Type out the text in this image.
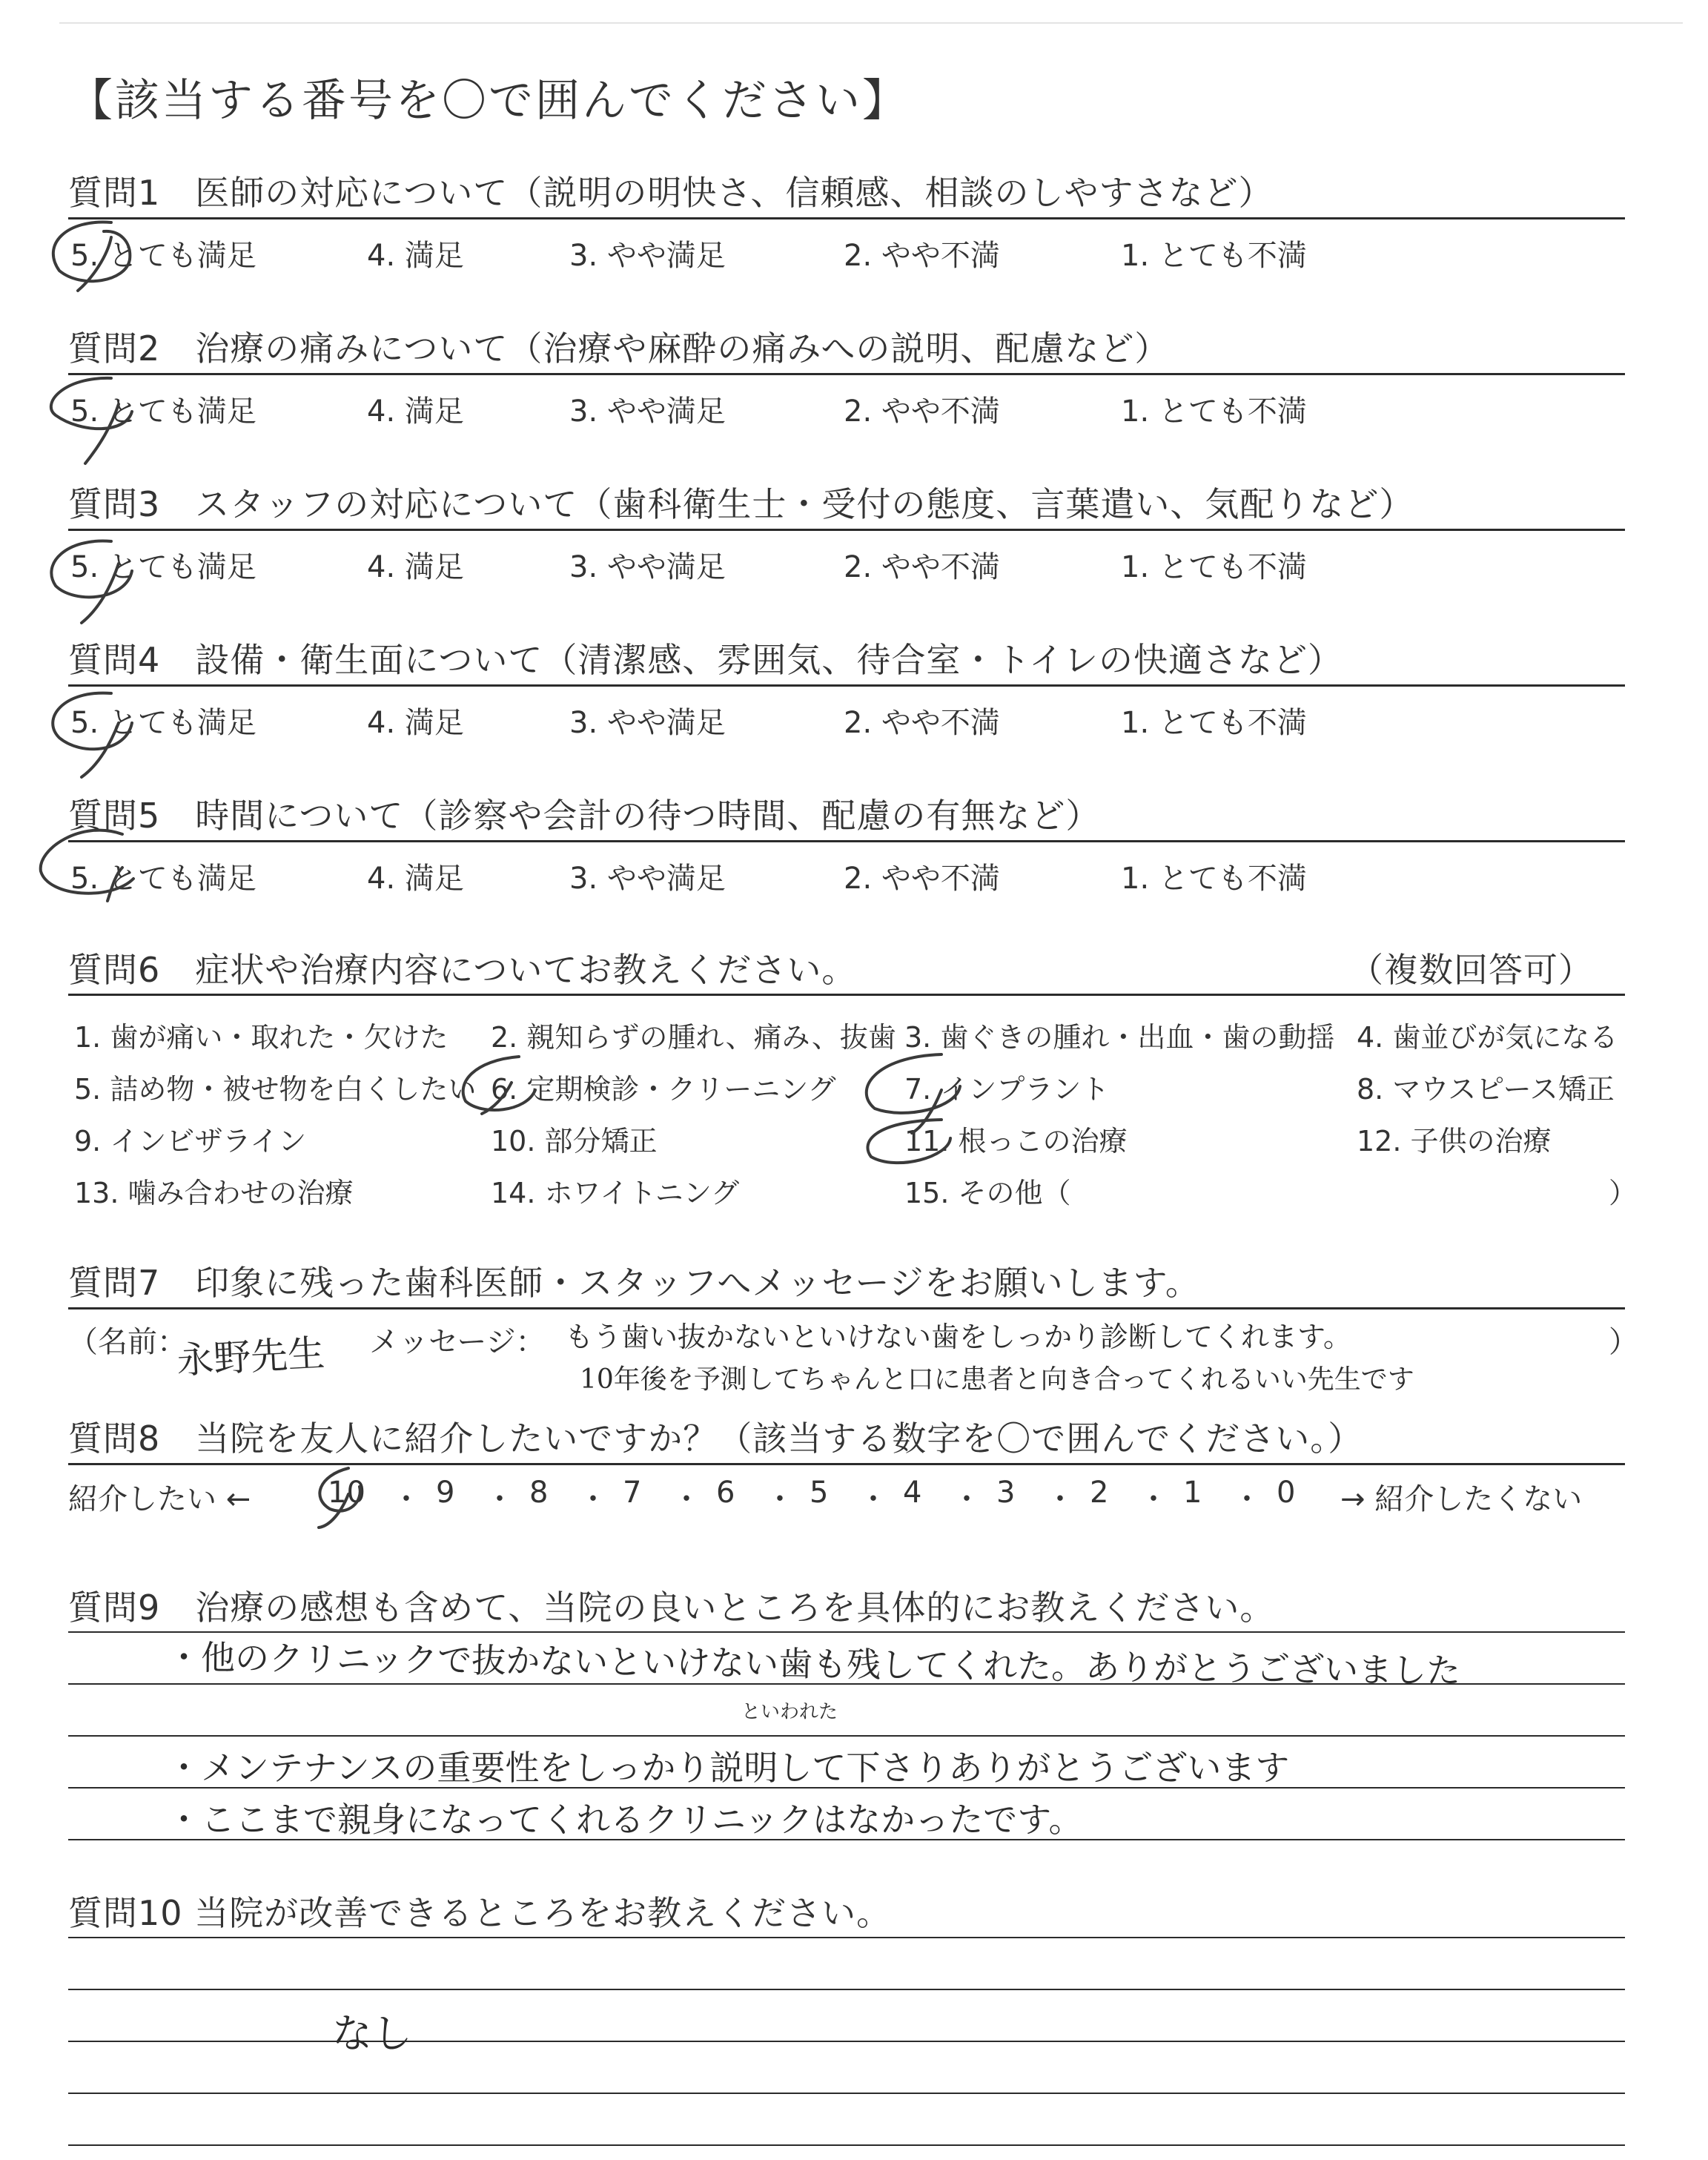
【該当する番号を〇で囲んでください】
質問1　医師の対応について（説明の明快さ、信頼感、相談のしやすさなど）
5. とても満足	4. 満足	3. やや満足	2. やや不満	1. とても不満
質問2　治療の痛みについて（治療や麻酔の痛みへの説明、配慮など）
5. とても満足	4. 満足	3. やや満足	2. やや不満	1. とても不満
質問3　スタッフの対応について（歯科衛生士・受付の態度、言葉遣い、気配りなど）
5. とても満足	4. 満足	3. やや満足	2. やや不満	1. とても不満
質問4　設備・衛生面について（清潔感、雰囲気、待合室・トイレの快適さなど）
5. とても満足	4. 満足	3. やや満足	2. やや不満	1. とても不満
質問5　時間について（診察や会計の待つ時間、配慮の有無など）
5. とても満足	4. 満足	3. やや満足	2. やや不満	1. とても不満
質問6　症状や治療内容についてお教えください。	（複数回答可）
1. 歯が痛い・取れた・欠けた 2. 親知らずの腫れ、痛み、抜歯 3. 歯ぐきの腫れ・出血・歯の動揺 4. 歯並びが気になる
5. 詰め物・被せ物を白くしたい 6. 定期検診・クリーニング 7. インプラント	8. マウスピース矯正
9. インビザライン	10. 部分矯正	11. 根っこの治療	12. 子供の治療
13. 噛み合わせの治療	14. ホワイトニング	15. その他（	）
質問7　印象に残った歯科医師・スタッフへメッセージをお願いします。
（名前：
永野先生 メッセージ： もう歯い抜かないといけない歯をしっかり診断してくれます。
10年後を予測してちゃんと口に患者と向き合ってくれるいい先生です
）
質問8　当院を友人に紹介したいですか？（該当する数字を〇で囲んでください。）
紹介したい ←	10 ・ 9 ・ 8 ・ 7 ・ 6 ・ 5 ・ 4 ・ 3 ・ 2 ・ 1 ・ 0 → 紹介したくない
質問9　治療の感想も含めて、当院の良いところを具体的にお教えください。
・他のクリニックで抜かないといけない歯も残してくれた。ありがとうございました
といわれた
・メンテナンスの重要性をしっかり説明して下さりありがとうございます
・ここまで親身になってくれるクリニックはなかったです。
質問10 当院が改善できるところをお教えください。
なし
